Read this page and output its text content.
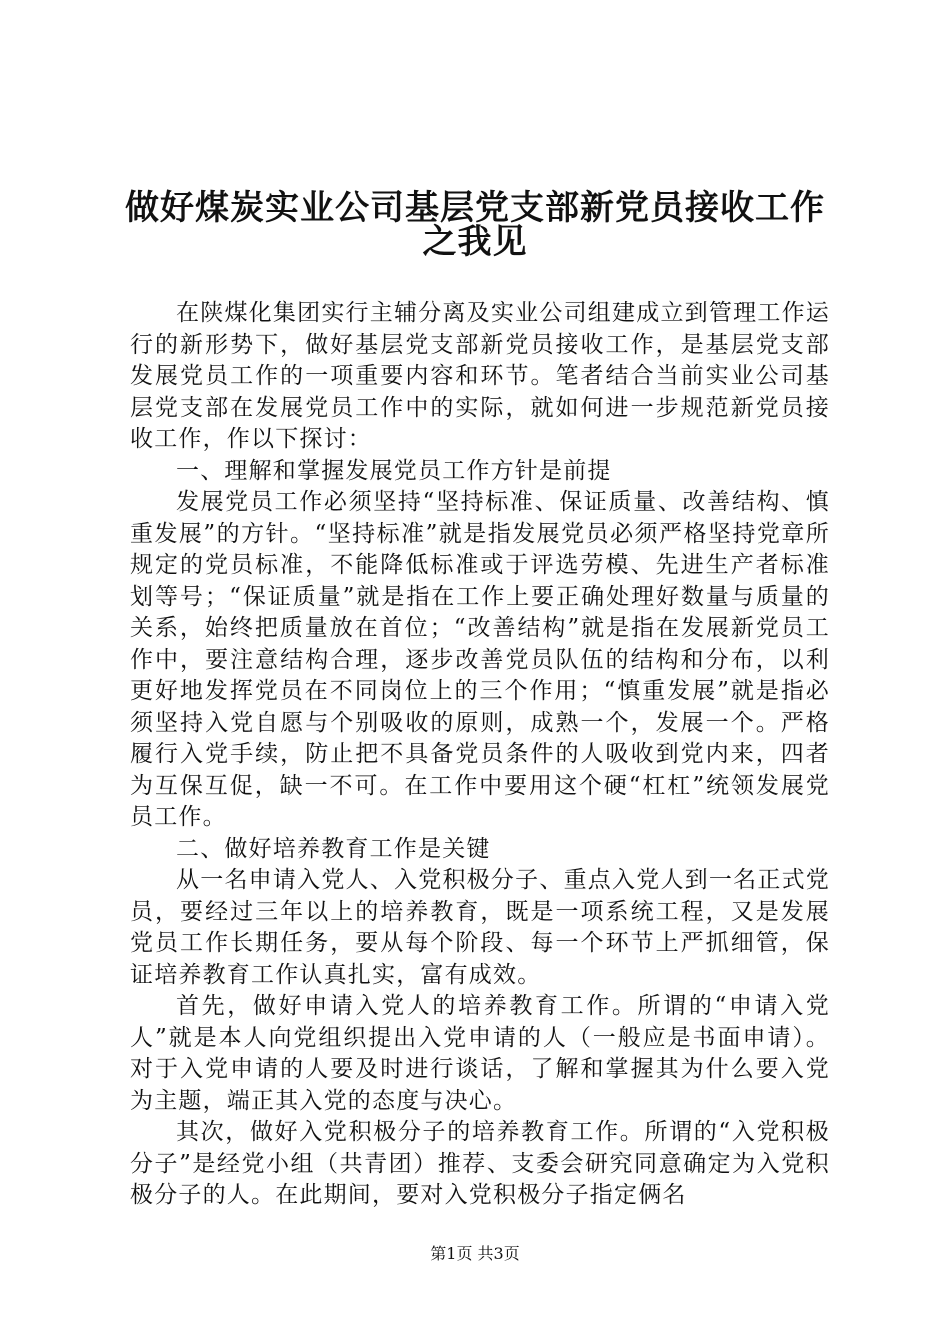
做好煤炭实业公司基层党支部新党员接收工作
之我见

在陕煤化集团实行主辅分离及实业公司组建成立到管理工作运行的新形势下，做好基层党支部新党员接收工作，是基层党支部发展党员工作的一项重要内容和环节。笔者结合当前实业公司基层党支部在发展党员工作中的实际，就如何进一步规范新党员接收工作，作以下探讨：

一、理解和掌握发展党员工作方针是前提

发展党员工作必须坚持“坚持标准、保证质量、改善结构、慎重发展”的方针。“坚持标准”就是指发展党员必须严格坚持党章所规定的党员标准，不能降低标准或于评选劳模、先进生产者标准划等号；“保证质量”就是指在工作上要正确处理好数量与质量的关系，始终把质量放在首位；“改善结构”就是指在发展新党员工作中，要注意结构合理，逐步改善党员队伍的结构和分布，以利更好地发挥党员在不同岗位上的三个作用；“慎重发展”就是指必须坚持入党自愿与个别吸收的原则，成熟一个，发展一个。严格履行入党手续，防止把不具备党员条件的人吸收到党内来，四者为互保互促，缺一不可。在工作中要用这个硬“杠杠”统领发展党员工作。

二、做好培养教育工作是关键

从一名申请入党人、入党积极分子、重点入党人到一名正式党员，要经过三年以上的培养教育，既是一项系统工程，又是发展党员工作长期任务，要从每个阶段、每一个环节上严抓细管，保证培养教育工作认真扎实，富有成效。

首先，做好申请入党人的培养教育工作。所谓的“申请入党人”就是本人向党组织提出入党申请的人（一般应是书面申请）。对于入党申请的人要及时进行谈话，了解和掌握其为什么要入党为主题，端正其入党的态度与决心。

其次，做好入党积极分子的培养教育工作。所谓的“入党积极分子”是经党小组（共青团）推荐、支委会研究同意确定为入党积极分子的人。在此期间，要对入党积极分子指定俩名

第1页 共3页
